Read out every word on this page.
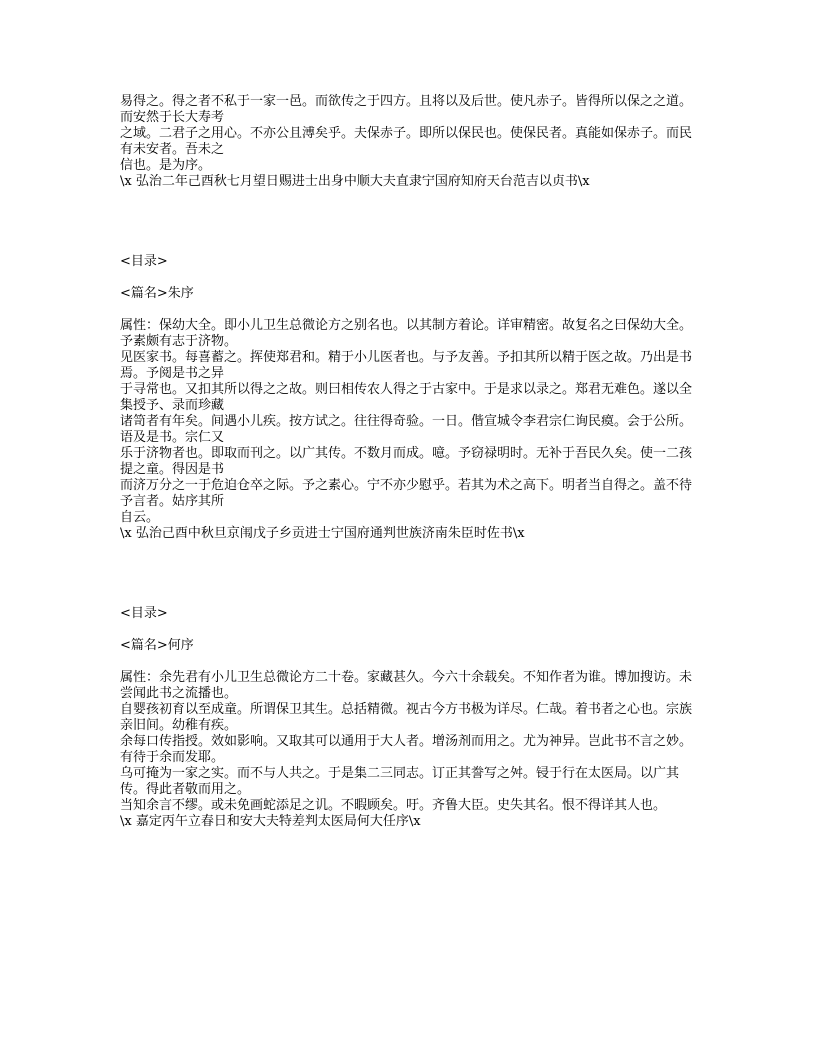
易得之。得之者不私于一家一邑。而欲传之于四方。且将以及后世。使凡赤子。皆得所以保之之道。而安然于长大寿考

之域。二君子之用心。不亦公且溥矣乎。夫保赤子。即所以保民也。使保民者。真能如保赤子。而民有未安者。吾未之

信也。是为序。

\x 弘治二年己酉秋七月望日赐进士出身中顺大夫直隶宁国府知府天台范吉以贞书\x

<目录>

<篇名>朱序

属性：保幼大全。即小儿卫生总微论方之别名也。以其制方着论。详审精密。故复名之曰保幼大全。予素颇有志于济物。

见医家书。每喜蓄之。挥使郑君和。精于小儿医者也。与予友善。予扣其所以精于医之故。乃出是书焉。予阅是书之异

于寻常也。又扣其所以得之之故。则曰相传农人得之于古家中。于是求以录之。郑君无难色。遂以全集授予、录而珍藏

诸笥者有年矣。间遇小儿疾。按方试之。往往得奇验。一日。偕宣城令李君宗仁询民瘼。会于公所。语及是书。宗仁又

乐于济物者也。即取而刊之。以广其传。不数月而成。噫。予窃禄明时。无补于吾民久矣。使一二孩提之童。得因是书

而济万分之一于危迫仓卒之际。予之素心。宁不亦少慰乎。若其为术之高下。明者当自得之。盖不待予言者。姑序其所

自云。

\x 弘治己酉中秋旦京闱戊子乡贡进士宁国府通判世族济南朱臣时佐书\x

<目录>

<篇名>何序

属性：余先君有小儿卫生总微论方二十卷。家藏甚久。今六十余载矣。不知作者为谁。博加搜访。未尝闻此书之流播也。

自婴孩初育以至成童。所谓保卫其生。总括精微。视古今方书极为详尽。仁哉。着书者之心也。宗族亲旧间。幼稚有疾。

余每口传指授。效如影响。又取其可以通用于大人者。增汤剂而用之。尤为神异。岂此书不言之妙。有待于余而发耶。

乌可掩为一家之实。而不与人共之。于是集二三同志。订正其誊写之舛。锓于行在太医局。以广其传。得此者敬而用之。

当知余言不缪。或未免画蛇添足之讥。不暇顾矣。吁。齐鲁大臣。史失其名。恨不得详其人也。

\x 嘉定丙午立春日和安大夫特差判太医局何大任序\x
